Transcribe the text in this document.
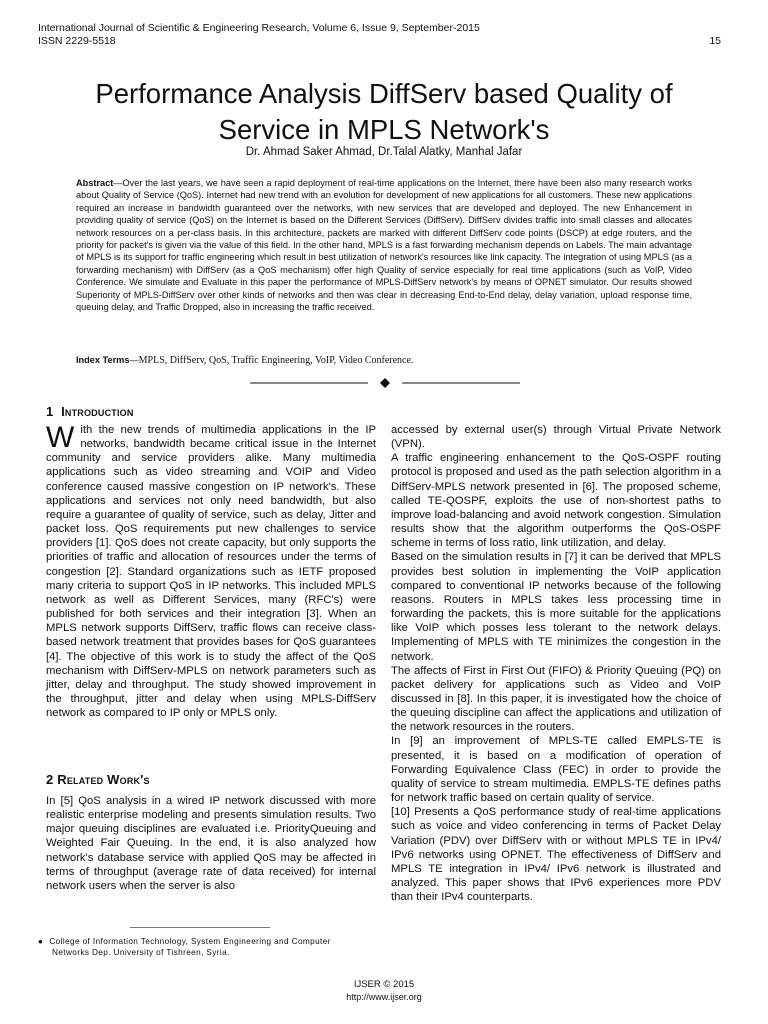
International Journal of Scientific & Engineering Research, Volume 6, Issue 9, September-2015
ISSN 2229-5518	15
Performance Analysis DiffServ based Quality of
Service in MPLS Network's
Dr. Ahmad Saker Ahmad, Dr.Talal Alatky, Manhal Jafar
Abstract—Over the last years, we have seen a rapid deployment of real-time applications on the Internet, there have been also many research works about Quality of Service (QoS). Internet had new trend with an evolution for development of new applications for all customers. These new applications required an increase in bandwidth guaranteed over the networks, with new services that are developed and deployed. The new Enhancement in providing quality of service (QoS) on the Internet is based on the Different Services (DiffServ). DiffServ divides traffic into small classes and allocates network resources on a per-class basis. In this architecture, packets are marked with different DiffServ code points (DSCP) at edge routers, and the priority for packet's is given via the value of this field. In the other hand, MPLS is a fast forwarding mechanism depends on Labels. The main advantage of MPLS is its support for traffic engineering which result in best utilization of network's resources like link capacity. The integration of using MPLS (as a forwarding mechanism) with DiffServ (as a QoS mechanism) offer high Quality of service especially for real time applications (such as VoIP, Video Conference. We simulate and Evaluate in this paper the performance of MPLS-DiffServ network's by means of OPNET simulator. Our results showed Superiority of MPLS-DiffServ over other kinds of networks and then was clear in decreasing End-to-End delay, delay variation, upload response time, queuing delay, and Traffic Dropped, also in increasing the traffic received.
Index Terms—MPLS, DiffServ, QoS, Traffic Engineering, VoIP, Video Conference.
1 Introduction

With the new trends of multimedia applications in the IP networks, bandwidth became critical issue in the Internet community and service providers alike. Many multimedia applications such as video streaming and VOIP and Video conference caused massive congestion on IP network's. These applications and services not only need bandwidth, but also require a guarantee of quality of service, such as delay, Jitter and packet loss. QoS requirements put new challenges to service providers [1]. QoS does not create capacity, but only supports the priorities of traffic and allocation of resources under the terms of congestion [2]. Standard organizations such as IETF proposed many criteria to support QoS in IP networks. This included MPLS network as well as Different Services, many (RFC's) were published for both services and their integration [3]. When an MPLS network supports DiffServ, traffic flows can receive class-based network treatment that provides bases for QoS guarantees [4]. The objective of this work is to study the affect of the QoS mechanism with DiffServ-MPLS on network parameters such as jitter, delay and throughput. The study showed improvement in the throughput, jitter and delay when using MPLS-DiffServ network as compared to IP only or MPLS only.

2 Related Work's

In [5] QoS analysis in a wired IP network discussed with more realistic enterprise modeling and presents simulation results. Two major queuing disciplines are evaluated i.e. PriorityQueuing and Weighted Fair Queuing. In the end, it is also analyzed how network's database service with applied QoS may be affected in terms of throughput (average rate of data received) for internal network users when the server is also

accessed by external user(s) through Virtual Private Network (VPN).

A traffic engineering enhancement to the QoS-OSPF routing protocol is proposed and used as the path selection algorithm in a DiffServ-MPLS network presented in [6]. The proposed scheme, called TE-QOSPF, exploits the use of non-shortest paths to improve load-balancing and avoid network congestion. Simulation results show that the algorithm outperforms the QoS-OSPF scheme in terms of loss ratio, link utilization, and delay.

Based on the simulation results in [7] it can be derived that MPLS provides best solution in implementing the VoIP application compared to conventional IP networks because of the following reasons. Routers in MPLS takes less processing time in forwarding the packets, this is more suitable for the applications like VoIP which posses less tolerant to the network delays. Implementing of MPLS with TE minimizes the congestion in the network.

The affects of First in First Out (FIFO) & Priority Queuing (PQ) on packet delivery for applications such as Video and VoIP discussed in [8]. In this paper, it is investigated how the choice of the queuing discipline can affect the applications and utilization of the network resources in the routers.

In [9] an improvement of MPLS-TE called EMPLS-TE is presented, it is based on a modification of operation of Forwarding Equivalence Class (FEC) in order to provide the quality of service to stream multimedia. EMPLS-TE defines paths for network traffic based on certain quality of service.

[10] Presents a QoS performance study of real-time applications such as voice and video conferencing in terms of Packet Delay Variation (PDV) over DiffServ with or without MPLS TE in IPv4/ IPv6 networks using OPNET. The effectiveness of DiffServ and MPLS TE integration in IPv4/ IPv6 network is illustrated and analyzed. This paper shows that IPv6 experiences more PDV than their IPv4 counterparts.

● College of Information Technology, System Engineering and Computer
Networks Dep. University of Tishreen, Syria.
IJSER © 2015
http://www.ijser.org
